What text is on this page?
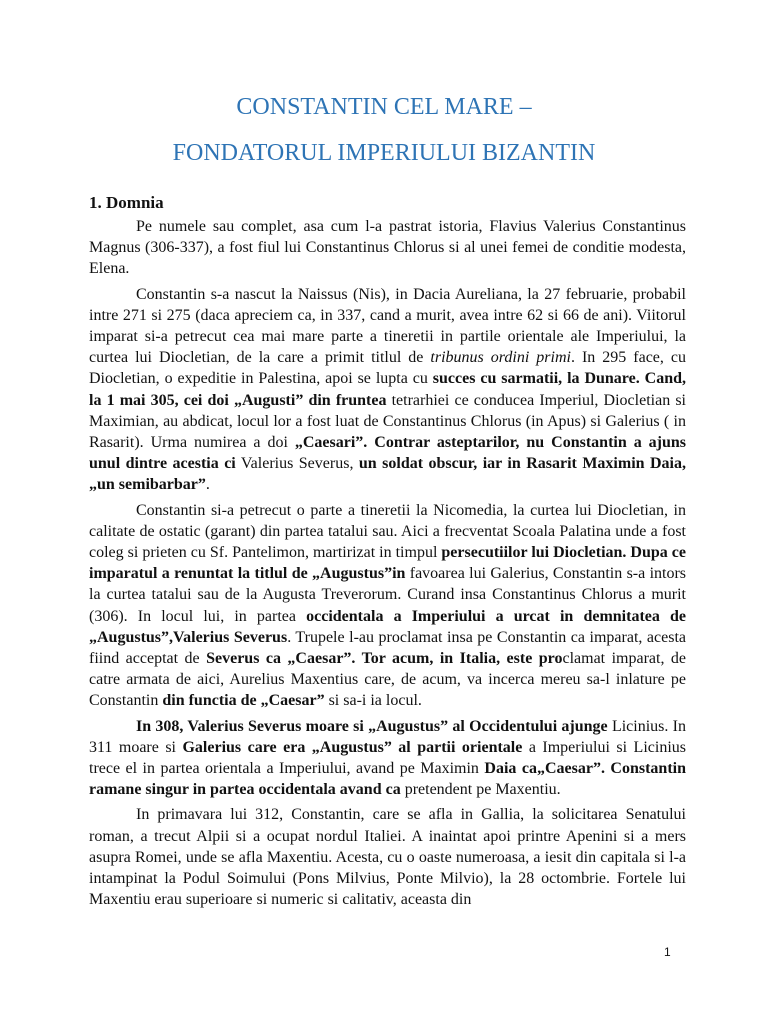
CONSTANTIN CEL MARE –
FONDATORUL IMPERIULUI BIZANTIN
1. Domnia

Pe numele sau complet, asa cum l-a pastrat istoria, Flavius Valerius Constantinus Magnus (306-337), a fost fiul lui Constantinus Chlorus si al unei femei de conditie modesta, Elena.

Constantin s-a nascut la Naissus (Nis), in Dacia Aureliana, la 27 februarie, probabil intre 271 si 275 (daca apreciem ca, in 337, cand a murit, avea intre 62 si 66 de ani). Viitorul imparat si-a petrecut cea mai mare parte a tineretii in partile orientale ale Imperiului, la curtea lui Diocletian, de la care a primit titlul de tribunus ordini primi. In 295 face, cu Diocletian, o expeditie in Palestina, apoi se lupta cu succes cu sarmatii, la Dunare. Cand, la 1 mai 305, cei doi „Augusti” din fruntea tetrarhiei ce conducea Imperiul, Diocletian si Maximian, au abdicat, locul lor a fost luat de Constantinus Chlorus (in Apus) si Galerius ( in Rasarit). Urma numirea a doi „Caesari”. Contrar asteptarilor, nu Constantin a ajuns unul dintre acestia ci Valerius Severus, un soldat obscur, iar in Rasarit Maximin Daia, „un semibarbar”.

Constantin si-a petrecut o parte a tineretii la Nicomedia, la curtea lui Diocletian, in calitate de ostatic (garant) din partea tatalui sau. Aici a frecventat Scoala Palatina unde a fost coleg si prieten cu Sf. Pantelimon, martirizat in timpul persecutiilor lui Diocletian. Dupa ce imparatul a renuntat la titlul de „Augustus”in favoarea lui Galerius, Constantin s-a intors la curtea tatalui sau de la Augusta Treverorum. Curand insa Constantinus Chlorus a murit (306). In locul lui, in partea occidentala a Imperiului a urcat in demnitatea de „Augustus”,Valerius Severus. Trupele l-au proclamat insa pe Constantin ca imparat, acesta fiind acceptat de Severus ca „Caesar”. Tor acum, in Italia, este proclamat imparat, de catre armata de aici, Aurelius Maxentius care, de acum, va incerca mereu sa-l inlature pe Constantin din functia de „Caesar” si sa-i ia locul.

In 308, Valerius Severus moare si „Augustus” al Occidentului ajunge Licinius. In 311 moare si Galerius care era „Augustus” al partii orientale a Imperiului si Licinius trece el in partea orientala a Imperiului, avand pe Maximin Daia ca„Caesar”. Constantin ramane singur in partea occidentala avand ca pretendent pe Maxentiu.

In primavara lui 312, Constantin, care se afla in Gallia, la solicitarea Senatului roman, a trecut Alpii si a ocupat nordul Italiei. A inaintat apoi printre Apenini si a mers asupra Romei, unde se afla Maxentiu. Acesta, cu o oaste numeroasa, a iesit din capitala si l-a intampinat la Podul Soimului (Pons Milvius, Ponte Milvio), la 28 octombrie. Fortele lui Maxentiu erau superioare si numeric si calitativ, aceasta din

1
